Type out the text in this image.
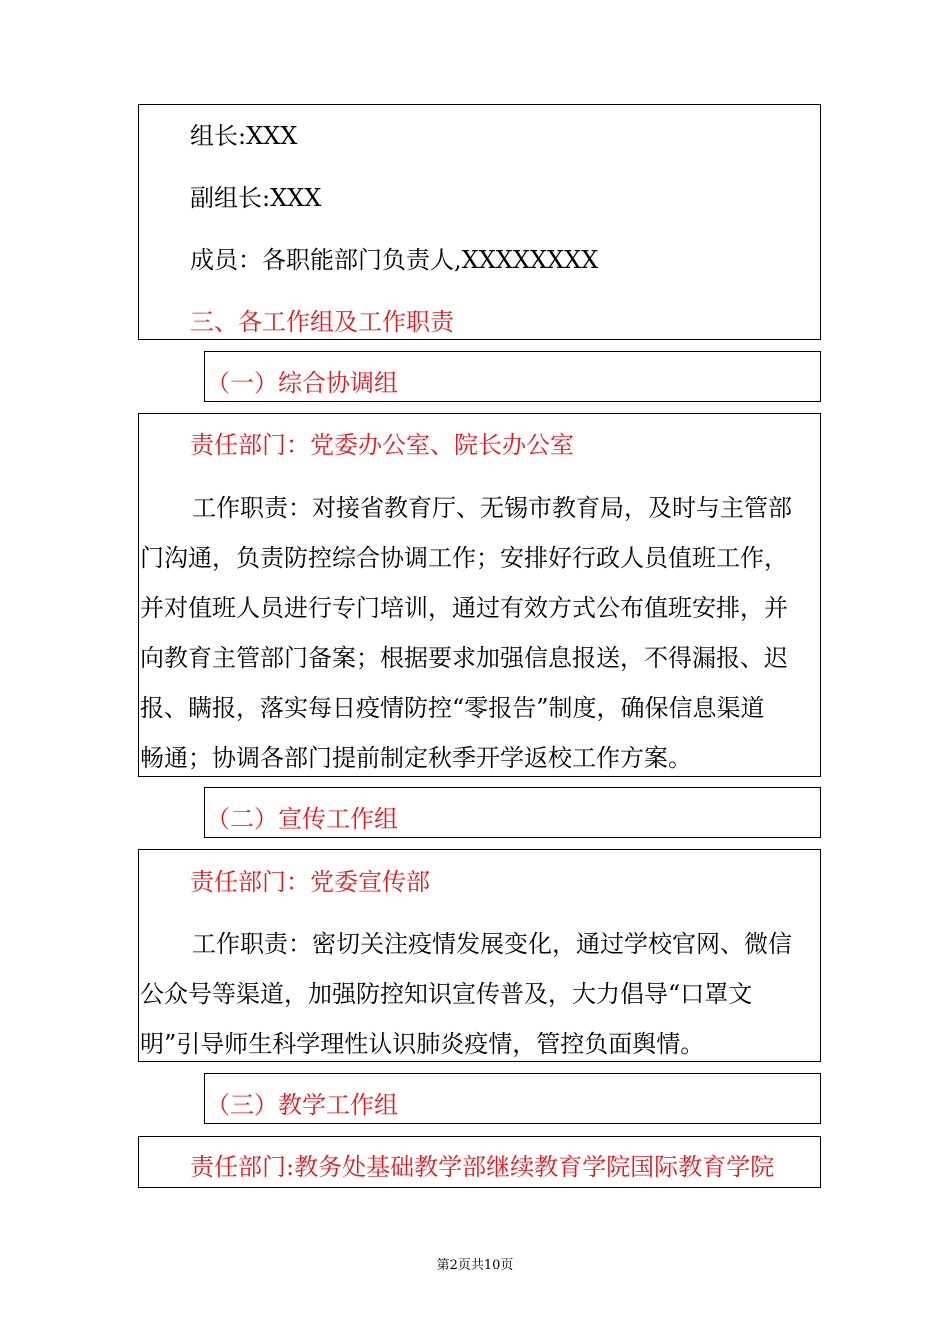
组长:XXX
副组长:XXX
成员：各职能部门负责人,XXXXXXXX
三、各工作组及工作职责
（一）综合协调组
责任部门：党委办公室、院长办公室
工作职责：对接省教育厅、无锡市教育局，及时与主管部
门沟通，负责防控综合协调工作；安排好行政人员值班工作，
并对值班人员进行专门培训，通过有效方式公布值班安排，并
向教育主管部门备案；根据要求加强信息报送，不得漏报、迟
报、瞒报，落实每日疫情防控“零报告”制度，确保信息渠道
畅通；协调各部门提前制定秋季开学返校工作方案。
（二）宣传工作组
责任部门：党委宣传部
工作职责：密切关注疫情发展变化，通过学校官网、微信
公众号等渠道，加强防控知识宣传普及，大力倡导“口罩文
明”引导师生科学理性认识肺炎疫情，管控负面舆情。
（三）教学工作组
责任部门:教务处基础教学部继续教育学院国际教育学院
第2页共10页
